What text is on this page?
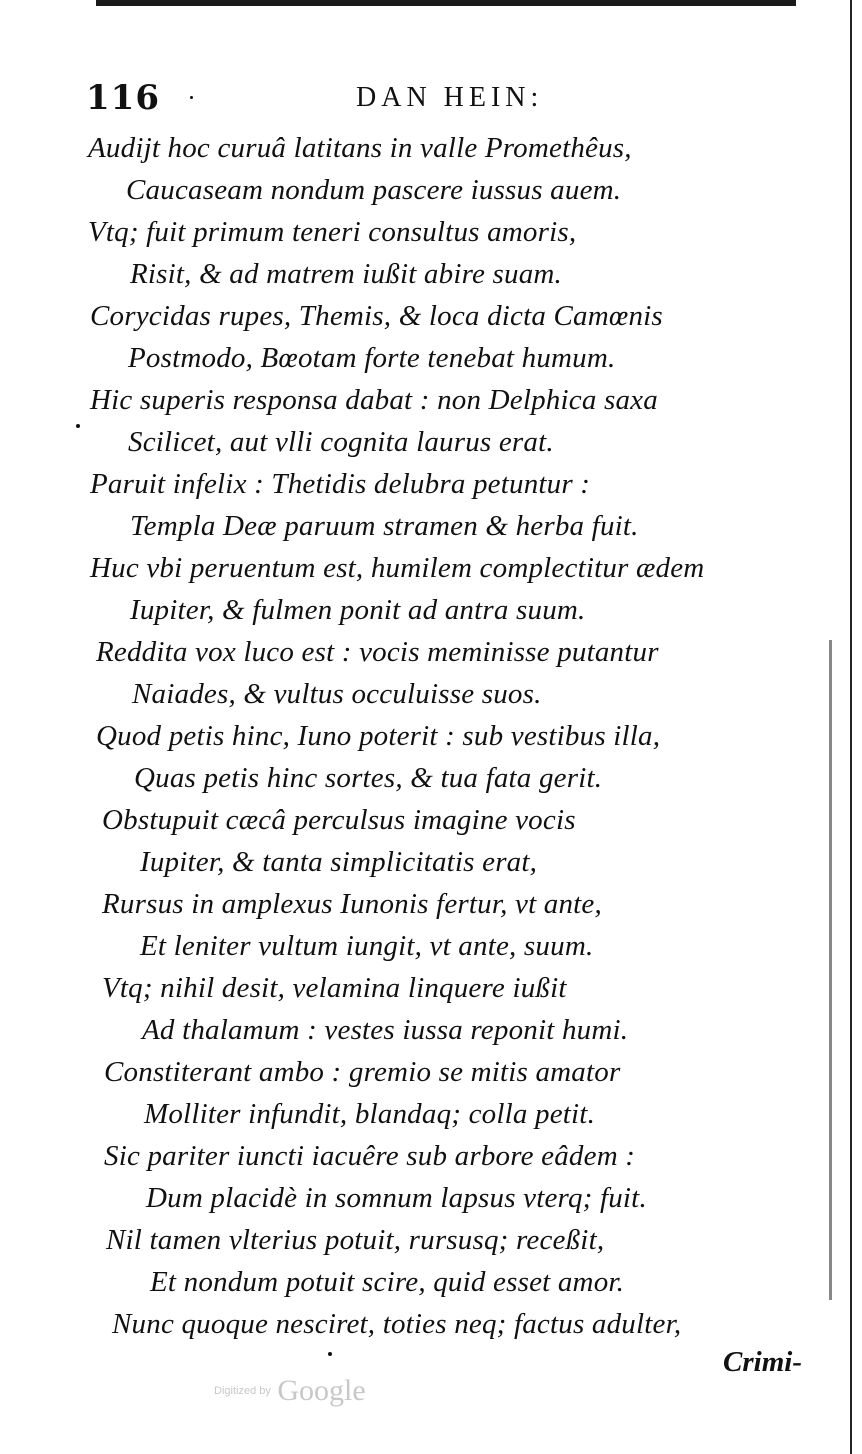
116	DAN HEIN:
Audijt hoc curuâ latitans in valle Promethêus,
Caucaseam nondum pascere iussus auem.
Vtq; fuit primum teneri consultus amoris,
Risit, & ad matrem iußit abire suam.
Corycidas rupes, Themis, & loca dicta Camœnis
Postmodo, Bœotam forte tenebat humum.
Hic superis responsa dabat : non Delphica saxa
Scilicet, aut vlli cognita laurus erat.
Paruit infelix : Thetidis delubra petuntur :
Templa Deæ paruum stramen & herba fuit.
Huc vbi peruentum est, humilem complectitur ædem
Iupiter, & fulmen ponit ad antra suum.
Reddita vox luco est : vocis meminisse putantur
Naiades, & vultus occuluisse suos.
Quod petis hinc, Iuno poterit : sub vestibus illa,
Quas petis hinc sortes, & tua fata gerit.
Obstupuit cæcâ perculsus imagine vocis
Iupiter, & tanta simplicitatis erat,
Rursus in amplexus Iunonis fertur, vt ante,
Et leniter vultum iungit, vt ante, suum.
Vtq; nihil desit, velamina linquere iußit
Ad thalamum : vestes iussa reponit humi.
Constiterant ambo : gremio se mitis amator
Molliter infundit, blandaq; colla petit.
Sic pariter iuncti iacuêre sub arbore eâdem :
Dum placidè in somnum lapsus vterq; fuit.
Nil tamen vlterius potuit, rursusq; receßit,
Et nondum potuit scire, quid esset amor.
Nunc quoque nesciret, toties neq; factus adulter,
Crimi-
Digitized by Google
